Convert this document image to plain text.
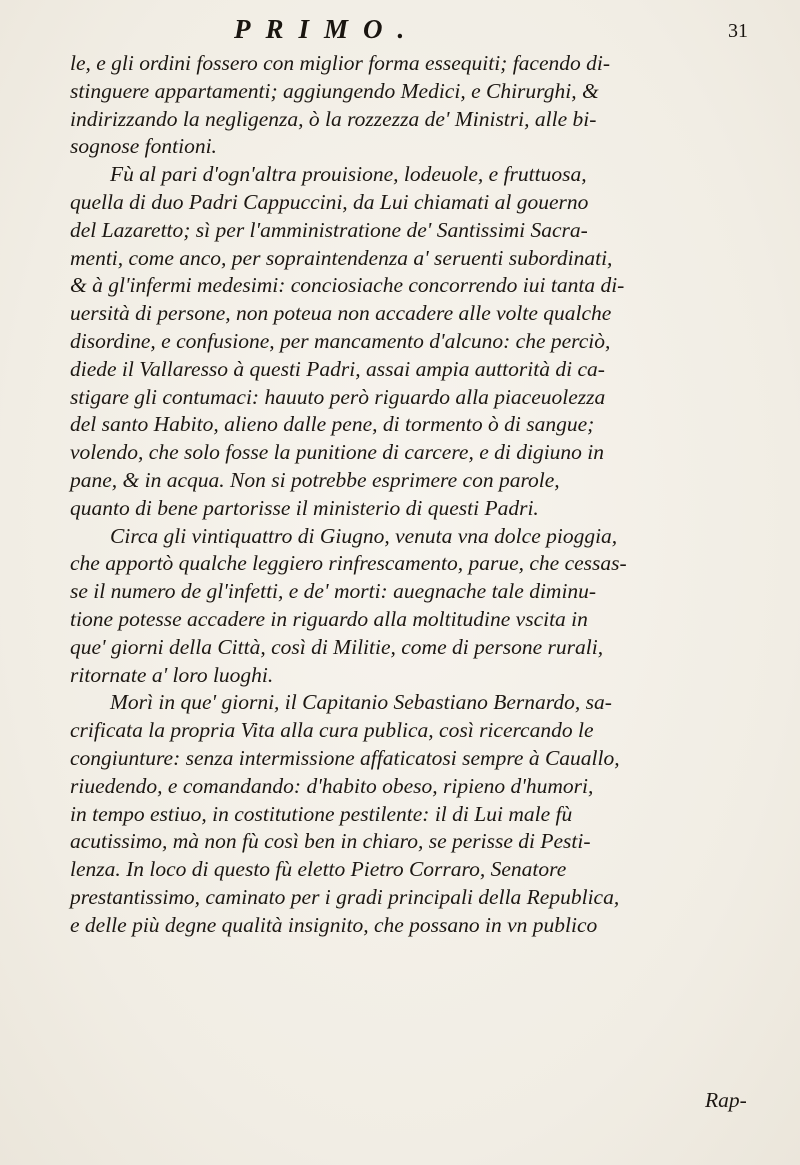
PRIMO.	31
le, e gli ordini fossero con miglior forma essequiti; facendo di-
stinguere appartamenti; aggiungendo Medici, e Chirurghi, &
indirizzando la negligenza, ò la rozzezza de' Ministri, alle bi-
sognose fontioni.
Fù al pari d'ogn'altra prouisione, lodeuole, e fruttuosa,
quella di duo Padri Cappuccini, da Lui chiamati al gouerno
del Lazaretto; sì per l'amministratione de' Santissimi Sacra-
menti, come anco, per sopraintendenza a' seruenti subordinati,
& à gl'infermi medesimi: conciosiache concorrendo iui tanta di-
uersità di persone, non poteua non accadere alle volte qualche
disordine, e confusione, per mancamento d'alcuno: che perciò,
diede il Vallaresso à questi Padri, assai ampia auttorità di ca-
stigare gli contumaci: hauuto però riguardo alla piaceuolezza
del santo Habito, alieno dalle pene, di tormento ò di sangue;
volendo, che solo fosse la punitione di carcere, e di digiuno in
pane, & in acqua. Non si potrebbe esprimere con parole,
quanto di bene partorisse il ministerio di questi Padri.
Circa gli vintiquattro di Giugno, venuta vna dolce pioggia,
che apportò qualche leggiero rinfrescamento, parue, che cessas-
se il numero de gl'infetti, e de' morti: auegnache tale diminu-
tione potesse accadere in riguardo alla moltitudine vscita in
que' giorni della Città, così di Militie, come di persone rurali,
ritornate a' loro luoghi.
Morì in que' giorni, il Capitanio Sebastiano Bernardo, sa-
crificata la propria Vita alla cura publica, così ricercando le
congiunture: senza intermissione affaticatosi sempre à Cauallo,
riuedendo, e comandando: d'habito obeso, ripieno d'humori,
in tempo estiuo, in costitutione pestilente: il di Lui male fù
acutissimo, mà non fù così ben in chiaro, se perisse di Pesti-
lenza. In loco di questo fù eletto Pietro Corraro, Senatore
prestantissimo, caminato per i gradi principali della Republica,
e delle più degne qualità insignito, che possano in vn publico
Rap-
